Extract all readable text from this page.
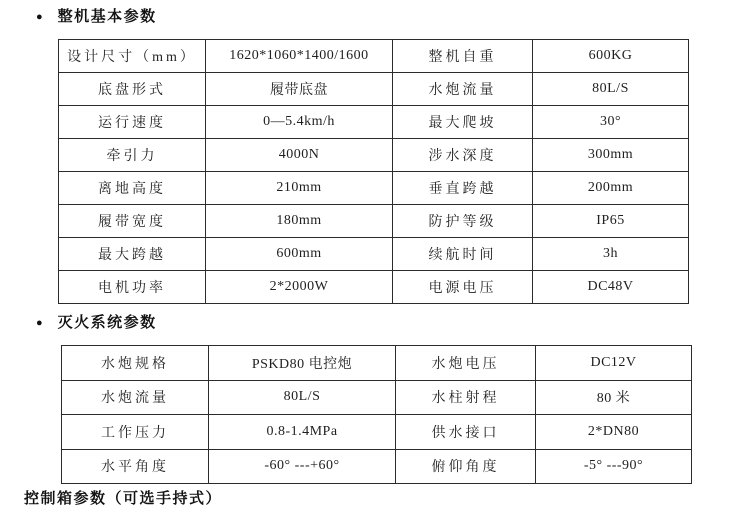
● 整机基本参数
设计尺寸（mm）	1620*1060*1400/1600	整机自重	600KG
底盘形式	履带底盘	水炮流量	80L/S
运行速度	0—5.4km/h	最大爬坡	30°
牵引力	4000N	涉水深度	300mm
离地高度	210mm	垂直跨越	200mm
履带宽度	180mm	防护等级	IP65
最大跨越	600mm	续航时间	3h
电机功率	2*2000W	电源电压	DC48V
● 灭火系统参数
水炮规格	PSKD80 电控炮	水炮电压	DC12V
水炮流量	80L/S	水柱射程	80 米
工作压力	0.8-1.4MPa	供水接口	2*DN80
水平角度	-60° ---+60°	俯仰角度	-5° ---90°
控制箱参数（可选手持式）
